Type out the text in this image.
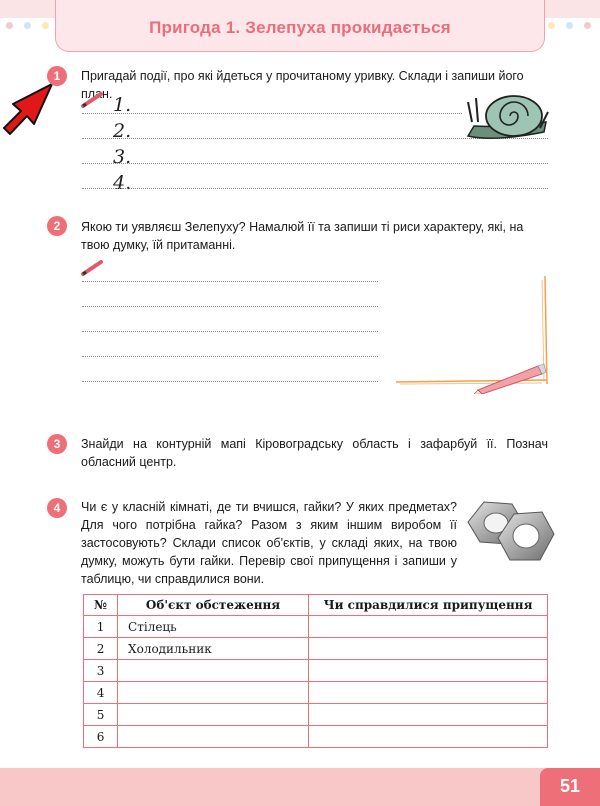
Пригода 1. Зелепуха прокидається
1	Пригадай події, про які йдеться у прочитаному уривку. Склади і запиши його план. 1.
2.
3.
4.
2	Якою ти уявляєш Зелепуху? Намалюй її та запиши ті риси характеру, які, на твою думку, їй притаманні.
3	Знайди на контурній мапі Кіровоградську область і зафарбуй її. Познач обласний центр.
4	Чи є у класній кімнаті, де ти вчишся, гайки? У яких предметах? Для чого потрібна гайка? Разом з яким іншим виробом її застосовують? Склади список об'єктів, у складі яких, на твою думку, можуть бути гайки. Перевір свої припущення і запиши у таблицю, чи справдилися вони.
№	Об'єкт обстеження	Чи справдилися припущення
1	Стілець	
2	Холодильник	
3		
4		
5		
6		
51
